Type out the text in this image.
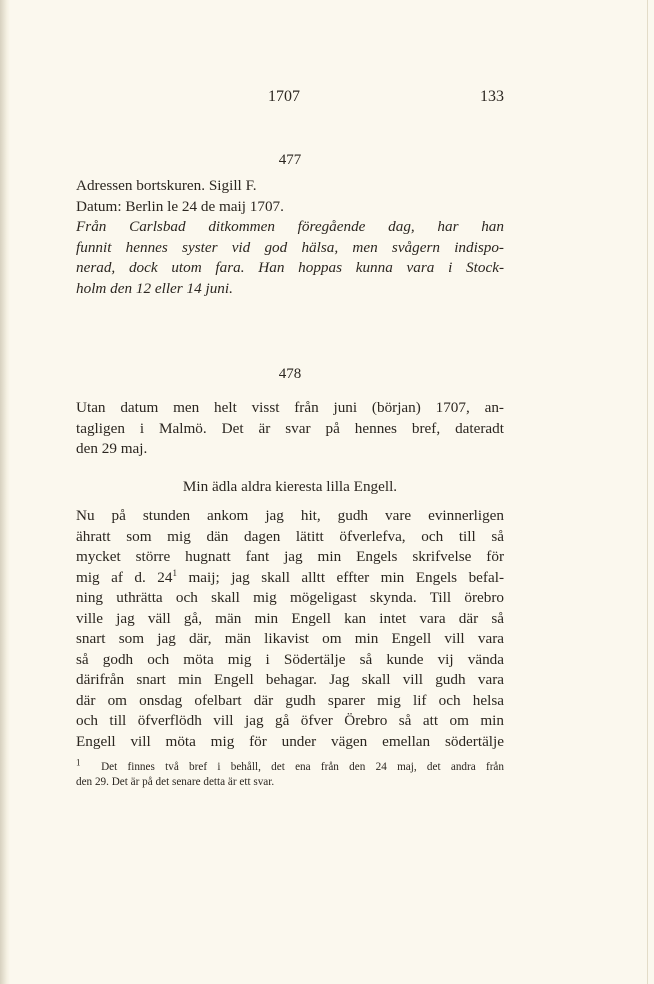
1707	133
477
Adressen bortskuren. Sigill F.
Datum: Berlin le 24 de maij 1707.
Från Carlsbad ditkommen föregående dag, har han
funnit hennes syster vid god hälsa, men svågern indispo-
nerad, dock utom fara. Han hoppas kunna vara i Stock-
holm den 12 eller 14 juni.
478
Utan datum men helt visst från juni (början) 1707, an-
tagligen i Malmö. Det är svar på hennes bref, dateradt
den 29 maj.
Min ädla aldra kieresta lilla Engell.
Nu på stunden ankom jag hit, gudh vare evinnerligen
ähratt som mig dän dagen lätitt öfverlefva, och till så
mycket större hugnatt fant jag min Engels skrifvelse för
mig af d. $24^1$ maij; jag skall alltt effter min Engels befal-
ning uthrätta och skall mig mögeligast skynda. Till örebro
ville jag väll gå, män min Engell kan intet vara där så
snart som jag där, män likavist om min Engell vill vara
så godh och möta mig i Södertälje så kunde vij vända
därifrån snart min Engell behagar. Jag skall vill gudh vara
där om onsdag ofelbart där gudh sparer mig lif och helsa
och till öfverflödh vill jag gå öfver Örebro så att om min
Engell vill möta mig för under vägen emellan södertälje
$^1$ Det finnes två bref i behåll, det ena från den 24 maj, det andra från
den 29. Det är på det senare detta är ett svar.
